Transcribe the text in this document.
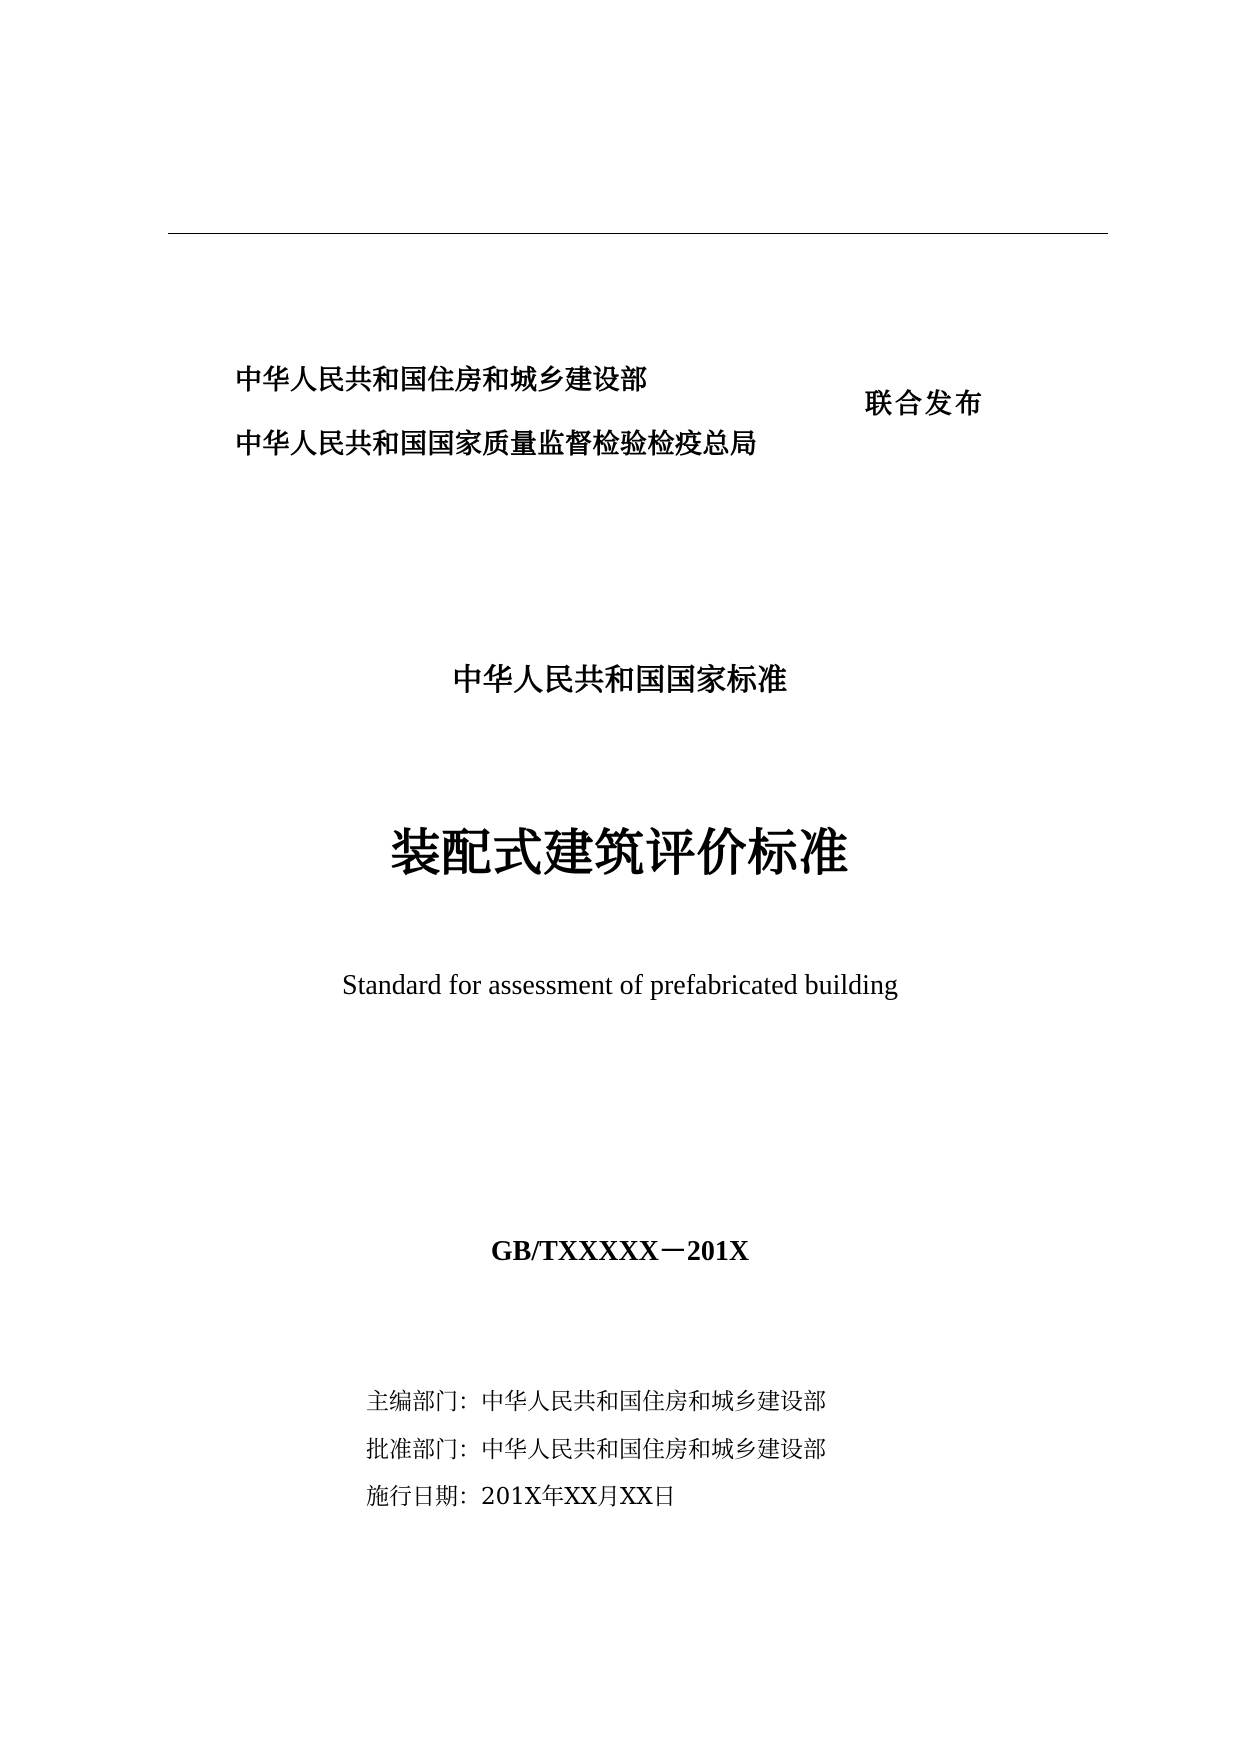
中华人民共和国住房和城乡建设部
中华人民共和国国家质量监督检验检疫总局
联合发布
中华人民共和国国家标准
装配式建筑评价标准
Standard for assessment of prefabricated building
GB/TXXXXX－201X
主编部门：中华人民共和国住房和城乡建设部
批准部门：中华人民共和国住房和城乡建设部
施行日期：201X年XX月XX日
